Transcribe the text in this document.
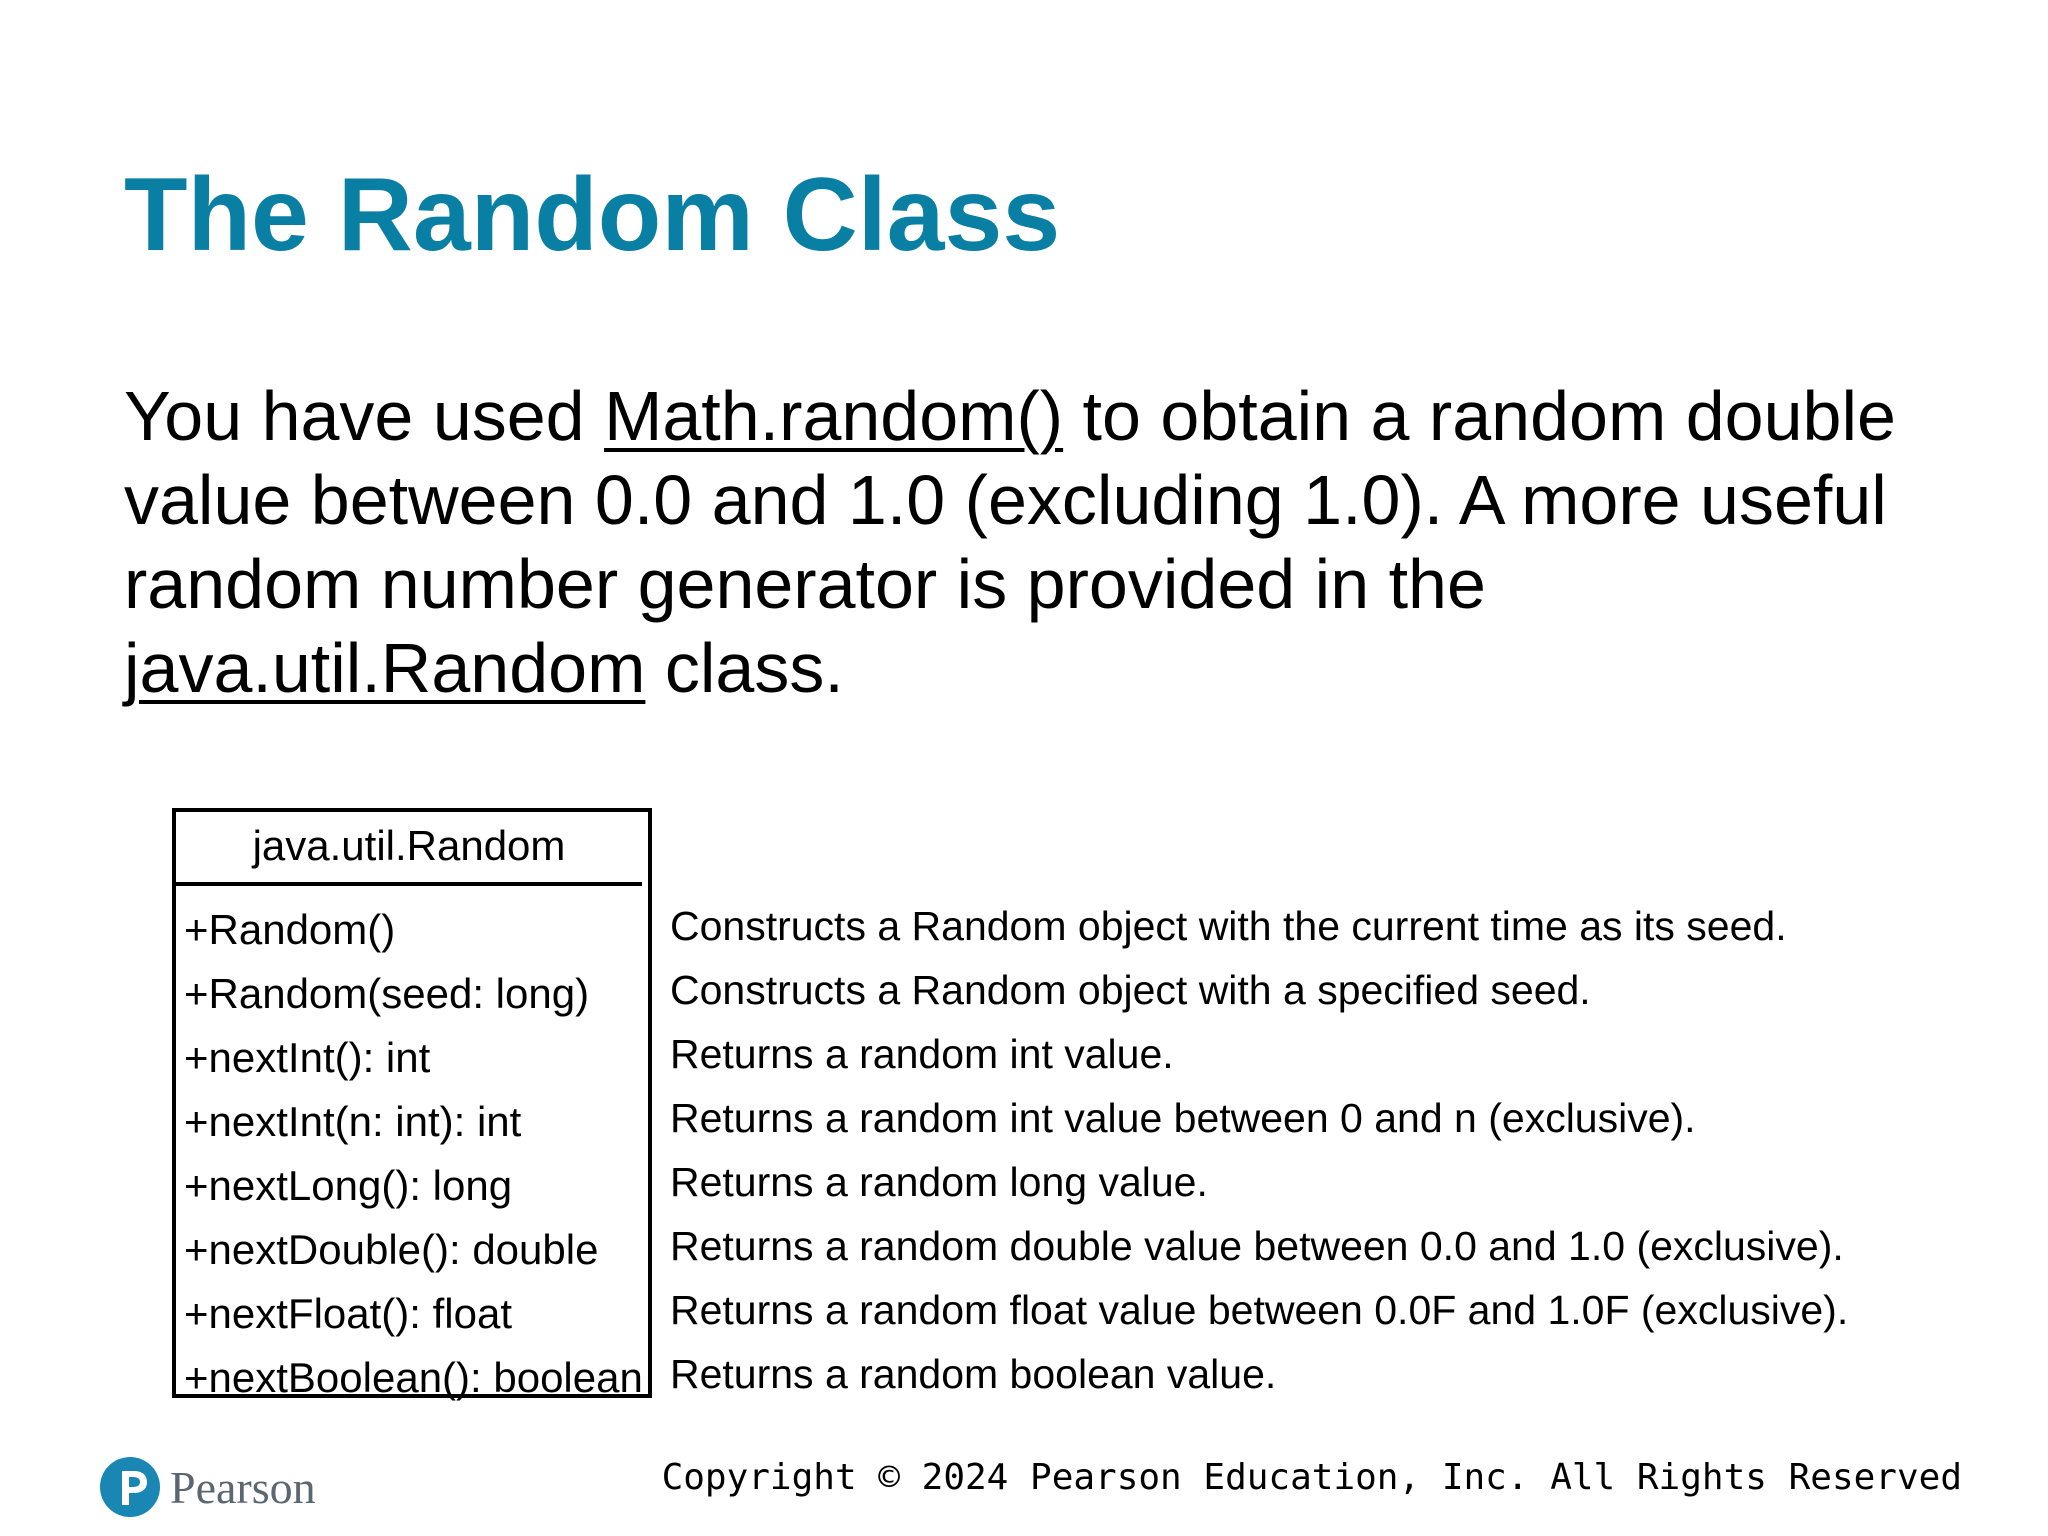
The Random Class

You have used Math.random() to obtain a random double value between 0.0 and 1.0 (excluding 1.0). A more useful random number generator is provided in the java.util.Random class.

java.util.Random
+Random()
+Random(seed: long)
+nextInt(): int
+nextInt(n: int): int
+nextLong(): long
+nextDouble(): double
+nextFloat(): float
+nextBoolean(): boolean
Constructs a Random object with the current time as its seed.
Constructs a Random object with a specified seed.
Returns a random int value.
Returns a random int value between 0 and n (exclusive).
Returns a random long value.
Returns a random double value between 0.0 and 1.0 (exclusive).
Returns a random float value between 0.0F and 1.0F (exclusive).
Returns a random boolean value.
Pearson	Copyright © 2024 Pearson Education, Inc. All Rights Reserved
